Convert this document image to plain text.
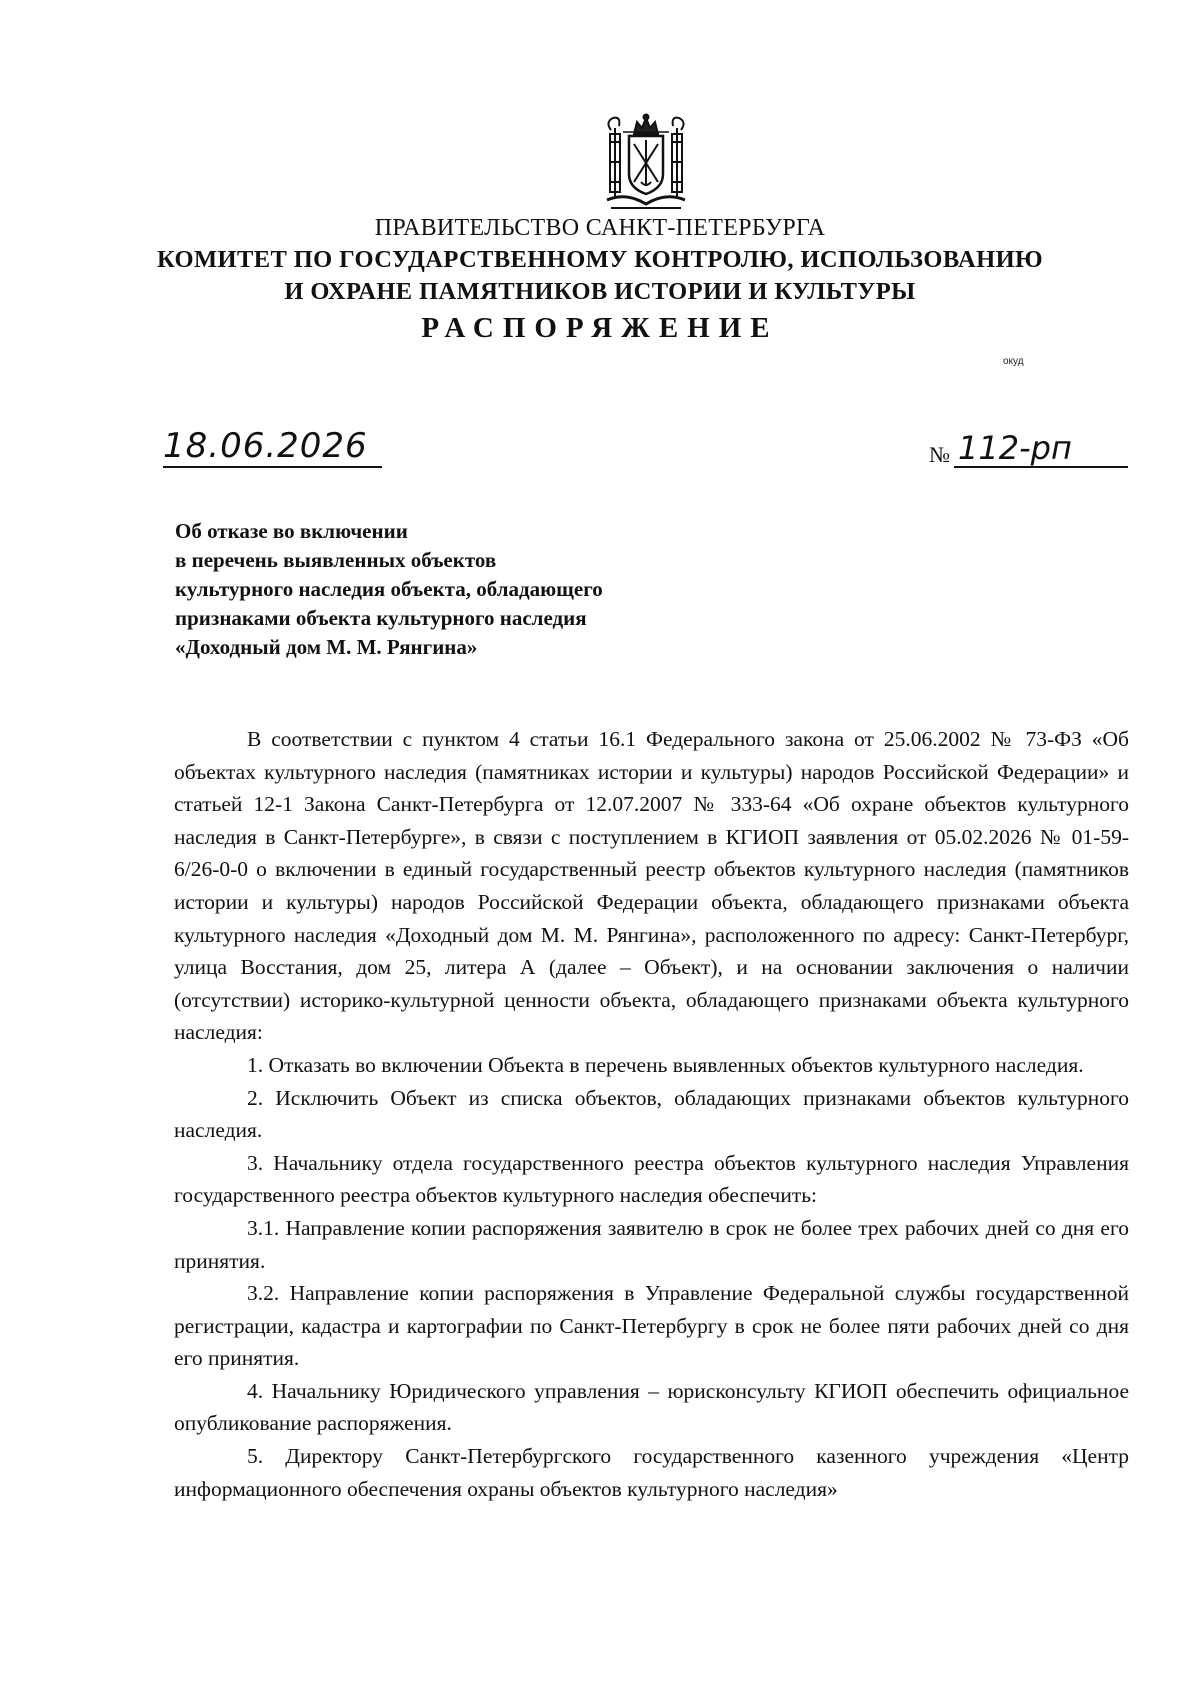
ПРАВИТЕЛЬСТВО САНКТ-ПЕТЕРБУРГА
КОМИТЕТ ПО ГОСУДАРСТВЕННОМУ КОНТРОЛЮ, ИСПОЛЬЗОВАНИЮ
И ОХРАНЕ ПАМЯТНИКОВ ИСТОРИИ И КУЛЬТУРЫ
РАСПОРЯЖЕНИЕ
окуд
18.06.2026	№ 112-рп
Об отказе во включении
в перечень выявленных объектов
культурного наследия объекта, обладающего
признаками объекта культурного наследия
«Доходный дом М. М. Рянгина»

В соответствии с пунктом 4 статьи 16.1 Федерального закона от 25.06.2002 № 73-ФЗ «Об объектах культурного наследия (памятниках истории и культуры) народов Российской Федерации» и статьей 12-1 Закона Санкт-Петербурга от 12.07.2007 № 333-64 «Об охране объектов культурного наследия в Санкт-Петербурге», в связи с поступлением в КГИОП заявления от 05.02.2026 № 01-59-6/26-0-0 о включении в единый государственный реестр объектов культурного наследия (памятников истории и культуры) народов Российской Федерации объекта, обладающего признаками объекта культурного наследия «Доходный дом М. М. Рянгина», расположенного по адресу: Санкт-Петербург, улица Восстания, дом 25, литера А (далее – Объект), и на основании заключения о наличии (отсутствии) историко-культурной ценности объекта, обладающего признаками объекта культурного наследия:

1. Отказать во включении Объекта в перечень выявленных объектов культурного наследия.

2. Исключить Объект из списка объектов, обладающих признаками объектов культурного наследия.

3. Начальнику отдела государственного реестра объектов культурного наследия Управления государственного реестра объектов культурного наследия обеспечить:

3.1. Направление копии распоряжения заявителю в срок не более трех рабочих дней со дня его принятия.

3.2. Направление копии распоряжения в Управление Федеральной службы государственной регистрации, кадастра и картографии по Санкт-Петербургу в срок не более пяти рабочих дней со дня его принятия.

4. Начальнику Юридического управления – юрисконсульту КГИОП обеспечить официальное опубликование распоряжения.

5. Директору Санкт-Петербургского государственного казенного учреждения «Центр информационного обеспечения охраны объектов культурного наследия»
